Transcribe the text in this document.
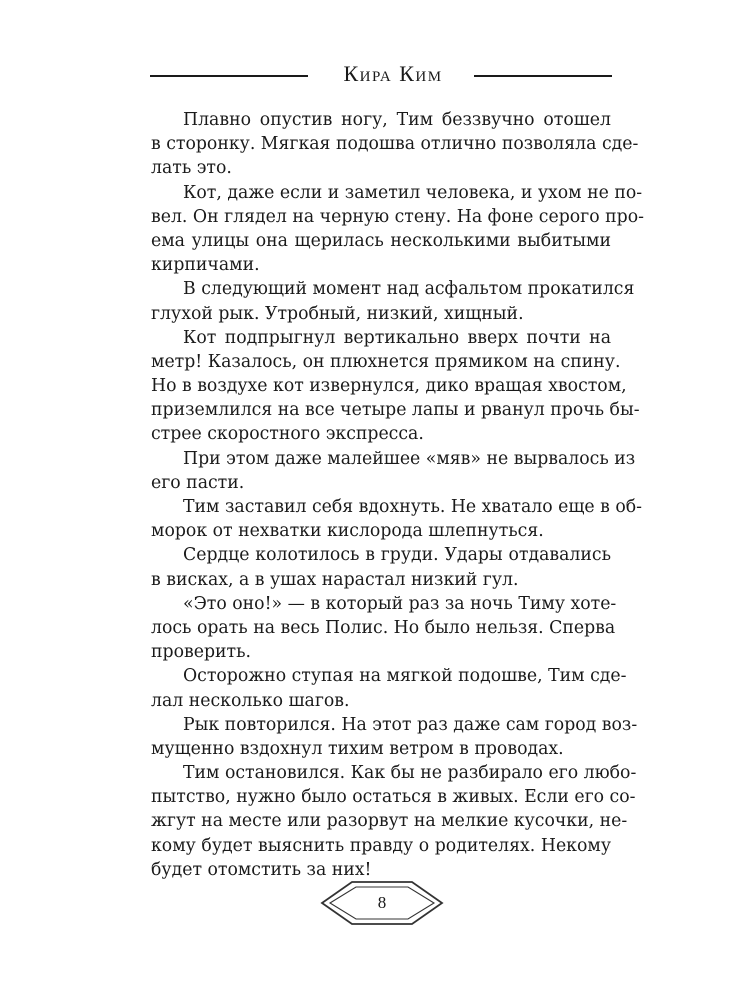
Кира Ким
Плавно опустив ногу, Тим беззвучно отошел
в сторонку. Мягкая подошва отлично позволяла сде-
лать это.
Кот, даже если и заметил человека, и ухом не по-
вел. Он глядел на черную стену. На фоне серого про-
ема улицы она щерилась несколькими выбитыми
кирпичами.
В следующий момент над асфальтом прокатился
глухой рык. Утробный, низкий, хищный.
Кот подпрыгнул вертикально вверх почти на
метр! Казалось, он плюхнется прямиком на спину.
Но в воздухе кот извернулся, дико вращая хвостом,
приземлился на все четыре лапы и рванул прочь бы-
стрее скоростного экспресса.
При этом даже малейшее «мяв» не вырвалось из
его пасти.
Тим заставил себя вдохнуть. Не хватало еще в об-
морок от нехватки кислорода шлепнуться.
Сердце колотилось в груди. Удары отдавались
в висках, а в ушах нарастал низкий гул.
«Это оно!» — в который раз за ночь Тиму хоте-
лось орать на весь Полис. Но было нельзя. Сперва
проверить.
Осторожно ступая на мягкой подошве, Тим сде-
лал несколько шагов.
Рык повторился. На этот раз даже сам город воз-
мущенно вздохнул тихим ветром в проводах.
Тим остановился. Как бы не разбирало его любо-
пытство, нужно было остаться в живых. Если его со-
жгут на месте или разорвут на мелкие кусочки, не-
кому будет выяснить правду о родителях. Некому
будет отомстить за них!
8
